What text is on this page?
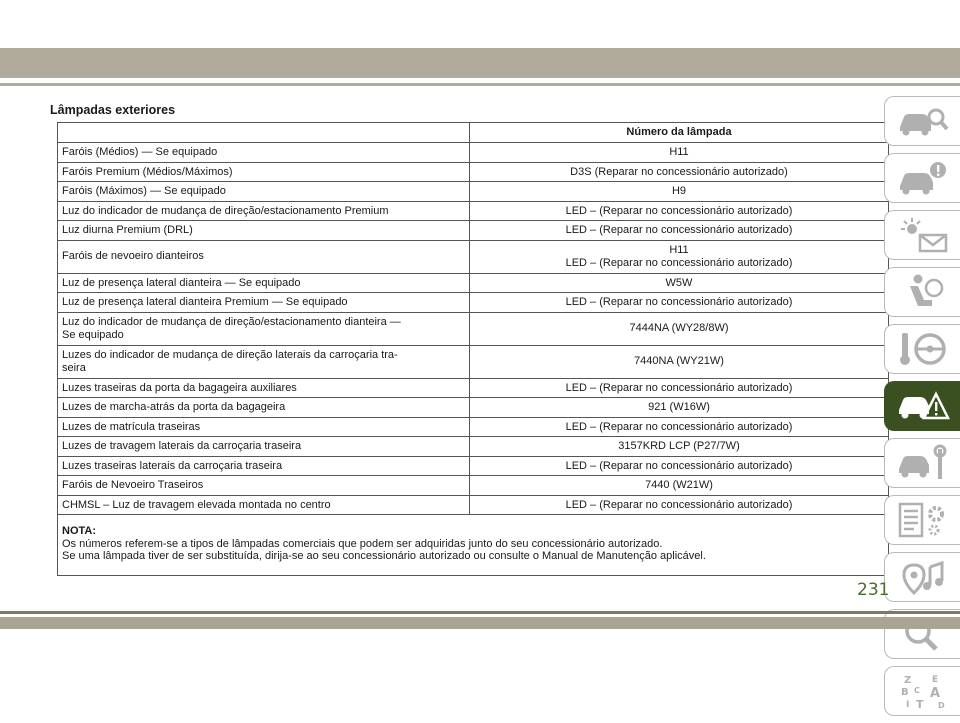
Lâmpadas exteriores
	Número da lâmpada
Faróis (Médios) — Se equipado	H11
Faróis Premium (Médios/Máximos)	D3S (Reparar no concessionário autorizado)
Faróis (Máximos) — Se equipado	H9
Luz do indicador de mudança de direção/estacionamento Premium	LED – (Reparar no concessionário autorizado)
Luz diurna Premium (DRL)	LED – (Reparar no concessionário autorizado)
Faróis de nevoeiro dianteiros	H11
LED – (Reparar no concessionário autorizado)

Luz de presença lateral dianteira — Se equipado	W5W
Luz de presença lateral dianteira Premium — Se equipado	LED – (Reparar no concessionário autorizado)

Luz do indicador de mudança de direção/estacionamento dianteira —
Se equipado	7444NA (WY28/8W)

Luzes do indicador de mudança de direção laterais da carroçaria tra-
seira	7440NA (WY21W)
Luzes traseiras da porta da bagageira auxiliares	LED – (Reparar no concessionário autorizado)
Luzes de marcha-atrás da porta da bagageira	921 (W16W)
Luzes de matrícula traseiras	LED – (Reparar no concessionário autorizado)
Luzes de travagem laterais da carroçaria traseira	3157KRD LCP (P27/7W)
Luzes traseiras laterais da carroçaria traseira	LED – (Reparar no concessionário autorizado)
Faróis de Nevoeiro Traseiros	7440 (W21W)
CHMSL – Luz de travagem elevada montada no centro	LED – (Reparar no concessionário autorizado)

NOTA:
Os números referem-se a tipos de lâmpadas comerciais que podem ser adquiridas junto do seu concessionário autorizado.
Se uma lâmpada tiver de ser substituída, dirija-se ao seu concessionário autorizado ou consulte o Manual de Manutenção aplicável.	
Z E
B C A
I T D
231
